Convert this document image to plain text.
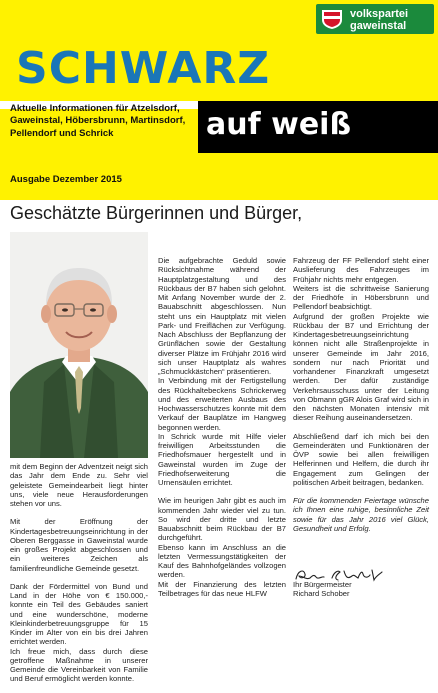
SCHWARZ
auf weiß
volkspartei
gaweinstal
Aktuelle Informationen für Atzelsdorf, Gaweinstal, Höbersbrunn, Martinsdorf, Pellendorf und Schrick
Ausgabe Dezember 2015
Geschätzte Bürgerinnen und Bürger,

mit dem Beginn der Adventzeit neigt sich das Jahr dem Ende zu. Sehr viel geleistete Gemeindearbeit liegt hinter uns, viele neue Herausforderungen stehen vor uns.

Mit der Eröffnung der Kindertagesbetreuungseinrichtung in der Oberen Berggasse in Gaweinstal wurde ein großes Projekt abgeschlossen und ein weiteres Zeichen als familienfreundliche Gemeinde gesetzt.

Dank der Fördermittel von Bund und Land in der Höhe von € 150.000,- konnte ein Teil des Gebäudes saniert und eine wunderschöne, moderne Kleinkinderbetreuungsgruppe für 15 Kinder im Alter von ein bis drei Jahren errichtet werden.

Ich freue mich, dass durch diese getroffene Maßnahme in unserer Gemeinde die Vereinbarkeit von Familie und Beruf ermöglicht werden konnte.

Die aufgebrachte Geduld sowie Rücksichtnahme während der Hauptplatzgestaltung und des Rückbaus der B7 haben sich gelohnt. Mit Anfang November wurde der 2. Bauabschnitt abgeschlossen. Nun steht uns ein Hauptplatz mit vielen Park- und Freiflächen zur Verfügung. Nach Abschluss der Bepflanzung der Grünflächen sowie der Gestaltung diverser Plätze im Frühjahr 2016 wird sich unser Hauptplatz als wahres „Schmuckkästchen“ präsentieren.

In Verbindung mit der Fertigstellung des Rückhaltebeckens Schrickerweg und des erweiterten Ausbaus des Hochwasserschutzes konnte mit dem Verkauf der Bauplätze im Hangweg begonnen werden.

In Schrick wurde mit Hilfe vieler freiwilligen Arbeitsstunden die Friedhofsmauer hergestellt und in Gaweinstal wurden im Zuge der Friedhofserweiterung die Urnensäulen errichtet.

Wie im heurigen Jahr gibt es auch im kommenden Jahr wieder viel zu tun. So wird der dritte und letzte Bauabschnitt beim Rückbau der B7 durchgeführt.

Ebenso kann im Anschluss an die letzten Vermessungstätigkeiten der Kauf des Bahnhofgeländes vollzogen werden.

Mit der Finanzierung des letzten Teilbetrages für das neue HLFW

Fahrzeug der FF Pellendorf steht einer Auslieferung des Fahrzeuges im Frühjahr nichts mehr entgegen.

Weiters ist die schrittweise Sanierung der Friedhöfe in Höbersbrunn und Pellendorf beabsichtigt.

Aufgrund der großen Projekte wie Rückbau der B7 und Errichtung der Kindertagesbetreuungseinrichtung können nicht alle Straßenprojekte in unserer Gemeinde im Jahr 2016, sondern nur nach Priorität und vorhandener Finanzkraft umgesetzt werden. Der dafür zuständige Verkehrsausschuss unter der Leitung von Obmann gGR Alois Graf wird sich in den nächsten Monaten intensiv mit dieser Reihung auseinandersetzen.

Abschließend darf ich mich bei den Gemeinderäten und Funktionären der ÖVP sowie bei allen freiwilligen Helferinnen und Helfern, die durch ihr Engagement zum Gelingen der politischen Arbeit beitragen, bedanken.

Für die kommenden Feiertage wünsche ich Ihnen eine ruhige, besinnliche Zeit sowie für das Jahr 2016 viel Glück, Gesundheit und Erfolg.

Ihr Bürgermeister
Richard Schober
